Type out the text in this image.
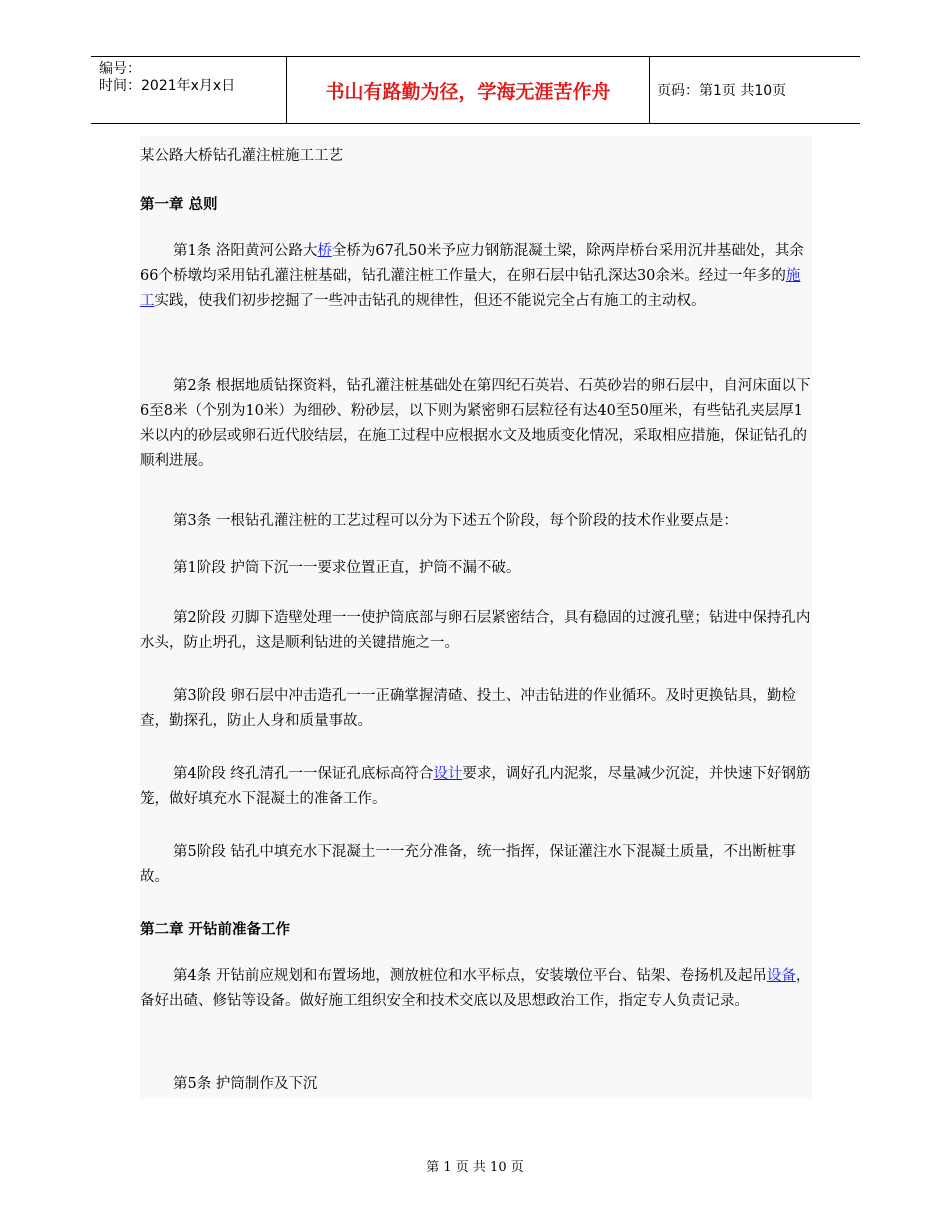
编号：
时间：2021年x月x日	书山有路勤为径，学海无涯苦作舟	页码：第1页 共10页

某公路大桥钻孔灌注桩施工工艺

第一章 总则

第1条 洛阳黄河公路大桥全桥为67孔50米予应力钢筋混凝土梁，除两岸桥台采用沉井基础处，其余66个桥墩均采用钻孔灌注桩基础，钻孔灌注桩工作量大，在卵石层中钻孔深达30余米。经过一年多的施工实践，使我们初步挖掘了一些冲击钻孔的规律性，但还不能说完全占有施工的主动权。

第2条 根据地质钻探资料，钻孔灌注桩基础处在第四纪石英岩、石英砂岩的卵石层中，自河床面以下6至8米（个别为10米）为细砂、粉砂层，以下则为紧密卵石层粒径有达40至50厘米，有些钻孔夹层厚1米以内的砂层或卵石近代胶结层，在施工过程中应根据水文及地质变化情况，采取相应措施，保证钻孔的顺利进展。

第3条 一根钻孔灌注桩的工艺过程可以分为下述五个阶段，每个阶段的技术作业要点是：

第1阶段 护筒下沉一一要求位置正直，护筒不漏不破。

第2阶段 刃脚下造壁处理一一使护筒底部与卵石层紧密结合，具有稳固的过渡孔壁；钻进中保持孔内水头，防止坍孔，这是顺利钻进的关键措施之一。

第3阶段 卵石层中冲击造孔一一正确掌握清碴、投土、冲击钻进的作业循环。及时更换钻具，勤检查，勤探孔，防止人身和质量事故。

第4阶段 终孔清孔一一保证孔底标高符合设计要求，调好孔内泥浆，尽量减少沉淀，并快速下好钢筋笼，做好填充水下混凝土的准备工作。

第5阶段 钻孔中填充水下混凝土一一充分准备，统一指挥，保证灌注水下混凝土质量，不出断桩事故。

第二章 开钻前准备工作

第4条 开钻前应规划和布置场地，测放桩位和水平标点，安装墩位平台、钻架、卷扬机及起吊设备，备好出碴、修钻等设备。做好施工组织安全和技术交底以及思想政治工作，指定专人负责记录。

第5条 护筒制作及下沉

第 1 页 共 10 页
